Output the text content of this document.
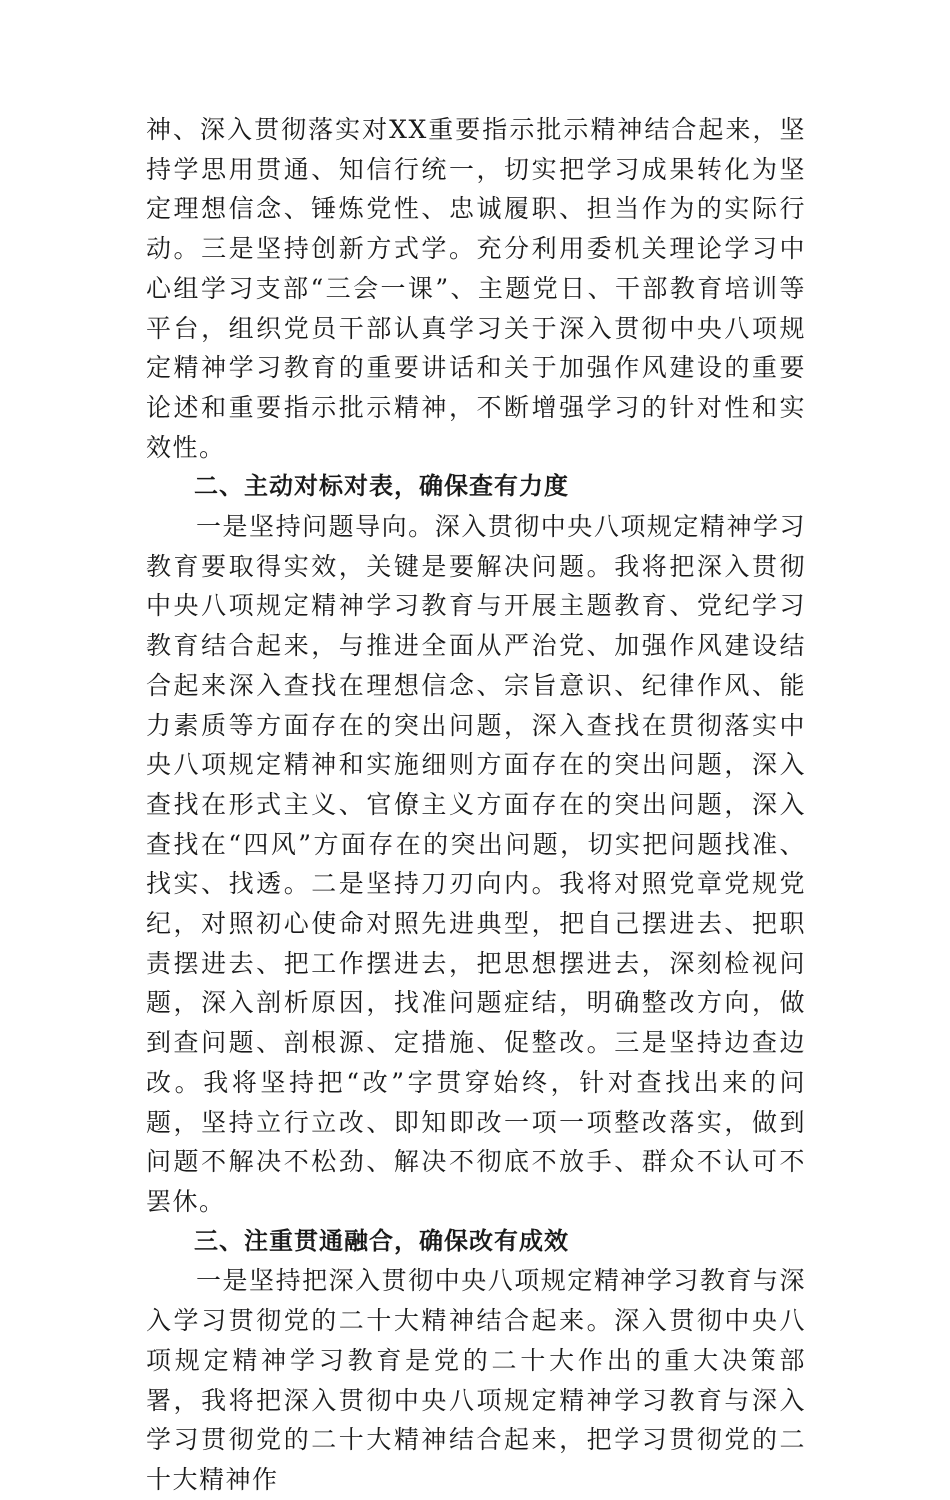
神、深入贯彻落实对XX重要指示批示精神结合起来，坚持学思用贯通、知信行统一，切实把学习成果转化为坚定理想信念、锤炼党性、忠诚履职、担当作为的实际行动。三是坚持创新方式学。充分利用委机关理论学习中心组学习支部“三会一课”、主题党日、干部教育培训等平台，组织党员干部认真学习关于深入贯彻中央八项规定精神学习教育的重要讲话和关于加强作风建设的重要论述和重要指示批示精神，不断增强学习的针对性和实效性。

二、主动对标对表，确保查有力度

一是坚持问题导向。深入贯彻中央八项规定精神学习教育要取得实效，关键是要解决问题。我将把深入贯彻中央八项规定精神学习教育与开展主题教育、党纪学习教育结合起来，与推进全面从严治党、加强作风建设结合起来深入查找在理想信念、宗旨意识、纪律作风、能力素质等方面存在的突出问题，深入查找在贯彻落实中央八项规定精神和实施细则方面存在的突出问题，深入查找在形式主义、官僚主义方面存在的突出问题，深入查找在“四风”方面存在的突出问题，切实把问题找准、找实、找透。二是坚持刀刃向内。我将对照党章党规党纪，对照初心使命对照先进典型，把自己摆进去、把职责摆进去、把工作摆进去，把思想摆进去，深刻检视问题，深入剖析原因，找准问题症结，明确整改方向，做到查问题、剖根源、定措施、促整改。三是坚持边查边改。我将坚持把“改”字贯穿始终，针对查找出来的问题，坚持立行立改、即知即改一项一项整改落实，做到问题不解决不松劲、解决不彻底不放手、群众不认可不罢休。

三、注重贯通融合，确保改有成效

一是坚持把深入贯彻中央八项规定精神学习教育与深入学习贯彻党的二十大精神结合起来。深入贯彻中央八项规定精神学习教育是党的二十大作出的重大决策部署，我将把深入贯彻中央八项规定精神学习教育与深入学习贯彻党的二十大精神结合起来，把学习贯彻党的二十大精神作
